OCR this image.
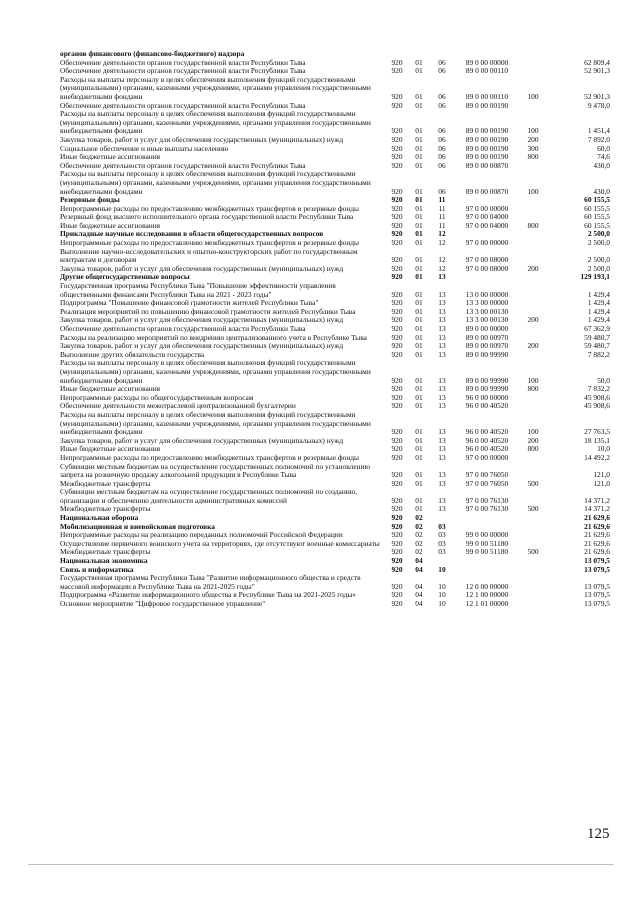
органов финансового (финансово-бюджетного) надзора						
Обеспечение деятельности органов государственной власти Республики Тыва	920	01	06	89 0 00 00000		62 809,4
Обеспечение деятельности органов государственной власти Республики Тыва	920	01	06	89 0 00 00110		52 901,3
Расходы на выплаты персоналу в целях обеспечения выполнения функций государственными (муниципальными) органами, казенными учреждениями, органами управления государственными внебюджетными фондами	920	01	06	89 0 00 00110	100	52 901,3
Обеспечение деятельности органов государственной власти Республики Тыва	920	01	06	89 0 00 00190		9 478,0
Расходы на выплаты персоналу в целях обеспечения выполнения функций государственными (муниципальными) органами, казенными учреждениями, органами управления государственными внебюджетными фондами	920	01	06	89 0 00 00190	100	1 451,4
Закупка товаров, работ и услуг для обеспечения государственных (муниципальных) нужд	920	01	06	89 0 00 00190	200	7 892,0
Социальное обеспечение и иные выплаты населению	920	01	06	89 0 00 00190	300	60,0
Иные бюджетные ассигнования	920	01	06	89 0 00 00190	800	74,6
Обеспечение деятельности органов государственной власти Республики Тыва	920	01	06	89 0 00 00870		430,0
Расходы на выплаты персоналу в целях обеспечения выполнения функций государственными (муниципальными) органами, казенными учреждениями, органами управления государственными внебюджетными фондами	920	01	06	89 0 00 00870	100	430,0
Резервные фонды	920	01	11			60 155,5
Непрограммные расходы по предоставлению межбюджетных трансфертов и резервные фонды	920	01	11	97 0 00 00000		60 155,5
Резервный фонд высшего исполнительного органа государственной власти Республики Тыва	920	01	11	97 0 00 04000		60 155,5
Иные бюджетные ассигнования	920	01	11	97 0 00 04000	800	60 155,5
Прикладные научные исследования в области общегосударственных вопросов	920	01	12			2 500,0
Непрограммные расходы по предоставлению межбюджетных трансфертов и резервные фонды	920	01	12	97 0 00 00000		2 500,0
Выполнение научно-исследовательских и опытно-конструкторских работ по государственным контрактам и договорам	920	01	12	97 0 00 08000		2 500,0
Закупка товаров, работ и услуг для обеспечения государственных (муниципальных) нужд	920	01	12	97 0 00 08000	200	2 500,0
Другие общегосударственные вопросы	920	01	13			129 193,1
Государственная программа Республики Тыва "Повышение эффективности управления общественными финансами Республики Тыва на 2021 - 2023 годы"	920	01	13	13 0 00 00000		1 429,4
Подпрограмма "Повышение финансовой грамотности жителей Республики Тыва"	920	01	13	13 3 00 00000		1 429,4
Реализация мероприятий по повышению финансовой грамотности жителей Республики Тыва	920	01	13	13 3 00 00130		1 429,4
Закупка товаров, работ и услуг для обеспечения государственных (муниципальных) нужд	920	01	13	13 3 00 00130	200	1 429,4
Обеспечение деятельности органов государственной власти Республики Тыва	920	01	13	89 0 00 00000		67 362,9
Расходы на реализацию мероприятий по внедрению централизованного учета в Республике Тыва	920	01	13	89 0 00 00970		59 480,7
Закупка товаров, работ и услуг для обеспечения государственных (муниципальных) нужд	920	01	13	89 0 00 00970	200	59 480,7
Выполнение других обязательств государства	920	01	13	89 0 00 99990		7 882,2
Расходы на выплаты персоналу в целях обеспечения выполнения функций государственными (муниципальными) органами, казенными учреждениями, органами управления государственными внебюджетными фондами	920	01	13	89 0 00 99990	100	50,0
Иные бюджетные ассигнования	920	01	13	89 0 00 99990	800	7 832,2
Непрограммные расходы по общегосударственным вопросам	920	01	13	96 0 00 00000		45 908,6
Обеспечение деятельности межотраслевой централизованной бухгалтерии	920	01	13	96 0 00 40520		45 908,6
Расходы на выплаты персоналу в целях обеспечения выполнения функций государственными (муниципальными) органами, казенными учреждениями, органами управления государственными внебюджетными фондами	920	01	13	96 0 00 40520	100	27 763,5
Закупка товаров, работ и услуг для обеспечения государственных (муниципальных) нужд	920	01	13	96 0 00 40520	200	18 135,1
Иные бюджетные ассигнования	920	01	13	96 0 00 40520	800	10,0
Непрограммные расходы по предоставлению межбюджетных трансфертов и резервные фонды	920	01	13	97 0 00 00000		14 492,2
Субвенции местным бюджетам на осуществление государственных полномочий по установлению запрета на розничную продажу алкогольной продукции в Республике Тыва	920	01	13	97 0 00 76050		121,0
Межбюджетные трансферты	920	01	13	97 0 00 76050	500	121,0
Субвенции местным бюджетам на осуществление государственных полномочий по созданию, организации и обеспечению деятельности административных комиссий	920	01	13	97 0 00 76130		14 371,2
Межбюджетные трансферты	920	01	13	97 0 00 76130	500	14 371,2
Национальная оборона	920	02				21 629,6
Мобилизационная и вневойсковая подготовка	920	02	03			21 629,6
Непрограммные расходы на реализацию переданных полномочий Российской Федерации	920	02	03	99 0 00 00000		21 629,6
Осуществление первичного воинского учета на территориях, где отсутствуют военные комиссариаты	920	02	03	99 0 00 51180		21 629,6
Межбюджетные трансферты	920	02	03	99 0 00 51180	500	21 629,6
Национальная экономика	920	04				13 079,5
Связь и информатика	920	04	10			13 079,5
Государственная программа Республики Тыва "Развитие информационного общества и средств массовой информации в Республике Тыва на 2021-2025 годы"	920	04	10	12 0 00 00000		13 079,5
Подпрограмма «Развитие информационного общества в Республике Тыва на 2021-2025 годы»	920	04	10	12 1 00 00000		13 079,5
Основное мероприятие "Цифровое государственное управление"	920	04	10	12 1 01 00000		13 079,5
125
